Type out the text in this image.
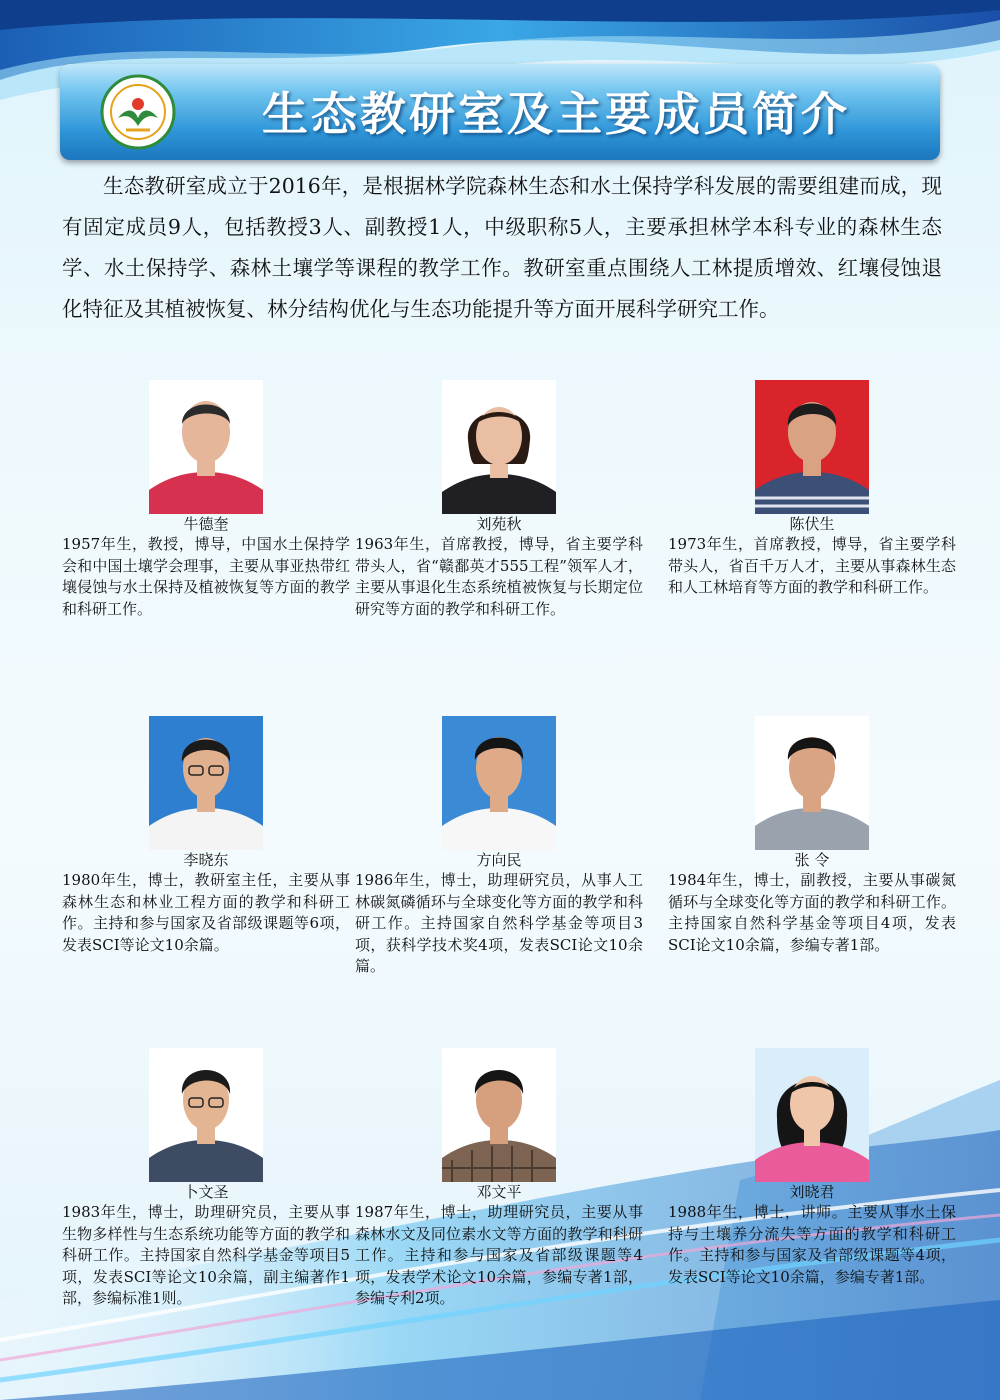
生态教研室及主要成员简介
生态教研室成立于2016年，是根据林学院森林生态和水土保持学科发展的需要组建而成，现有固定成员9人，包括教授3人、副教授1人，中级职称5人，主要承担林学本科专业的森林生态学、水土保持学、森林土壤学等课程的教学工作。教研室重点围绕人工林提质增效、红壤侵蚀退化特征及其植被恢复、林分结构优化与生态功能提升等方面开展科学研究工作。
牛德奎
1957年生，教授，博导，中国水土保持学会和中国土壤学会理事，主要从事亚热带红壤侵蚀与水土保持及植被恢复等方面的教学和科研工作。
刘苑秋
1963年生，首席教授，博导，省主要学科带头人，省“赣鄱英才555工程”领军人才，主要从事退化生态系统植被恢复与长期定位研究等方面的教学和科研工作。
陈伏生
1973年生，首席教授，博导，省主要学科带头人，省百千万人才，主要从事森林生态和人工林培育等方面的教学和科研工作。
李晓东
1980年生，博士，教研室主任，主要从事森林生态和林业工程方面的教学和科研工作。主持和参与国家及省部级课题等6项，发表SCI等论文10余篇。
方向民
1986年生，博士，助理研究员，从事人工林碳氮磷循环与全球变化等方面的教学和科研工作。主持国家自然科学基金等项目3项，获科学技术奖4项，发表SCI论文10余篇。
张 令
1984年生，博士，副教授，主要从事碳氮循环与全球变化等方面的教学和科研工作。主持国家自然科学基金等项目4项，发表SCI论文10余篇，参编专著1部。
卜文圣
1983年生，博士，助理研究员，主要从事生物多样性与生态系统功能等方面的教学和科研工作。主持国家自然科学基金等项目5项，发表SCI等论文10余篇，副主编著作1部，参编标准1则。
邓文平
1987年生，博士，助理研究员，主要从事森林水文及同位素水文等方面的教学和科研工作。主持和参与国家及省部级课题等4项，发表学术论文10余篇，参编专著1部，参编专利2项。
刘晓君
1988年生，博士，讲师。主要从事水土保持与土壤养分流失等方面的教学和科研工作。主持和参与国家及省部级课题等4项，发表SCI等论文10余篇，参编专著1部。
